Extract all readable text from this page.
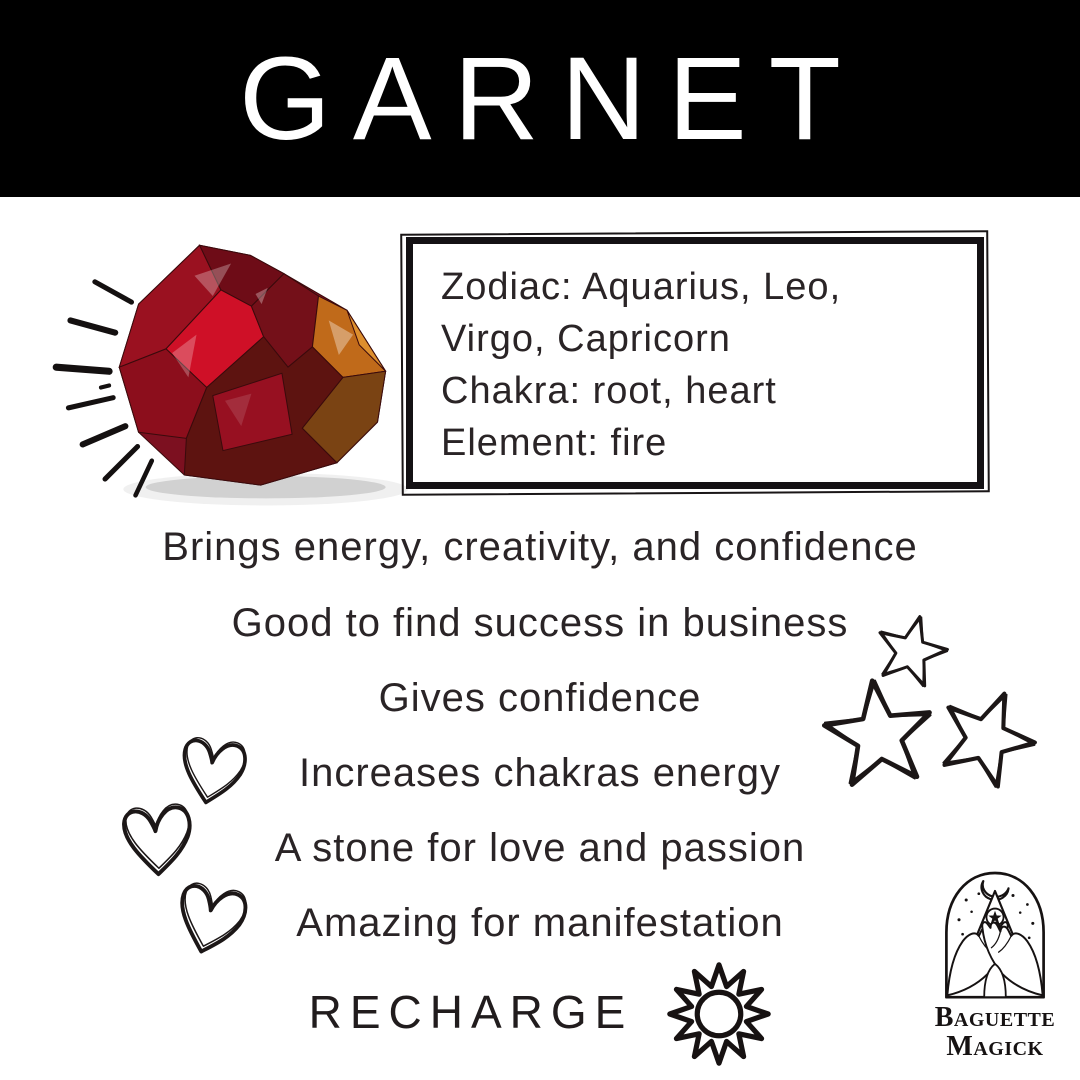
GARNET
Zodiac: Aquarius, Leo,
Virgo, Capricorn
Chakra: root, heart
Element: fire

Brings energy, creativity, and confidence

Good to find success in business

Gives confidence

Increases chakras energy

A stone for love and passion

Amazing for manifestation

RECHARGE	Baguette
Magick
